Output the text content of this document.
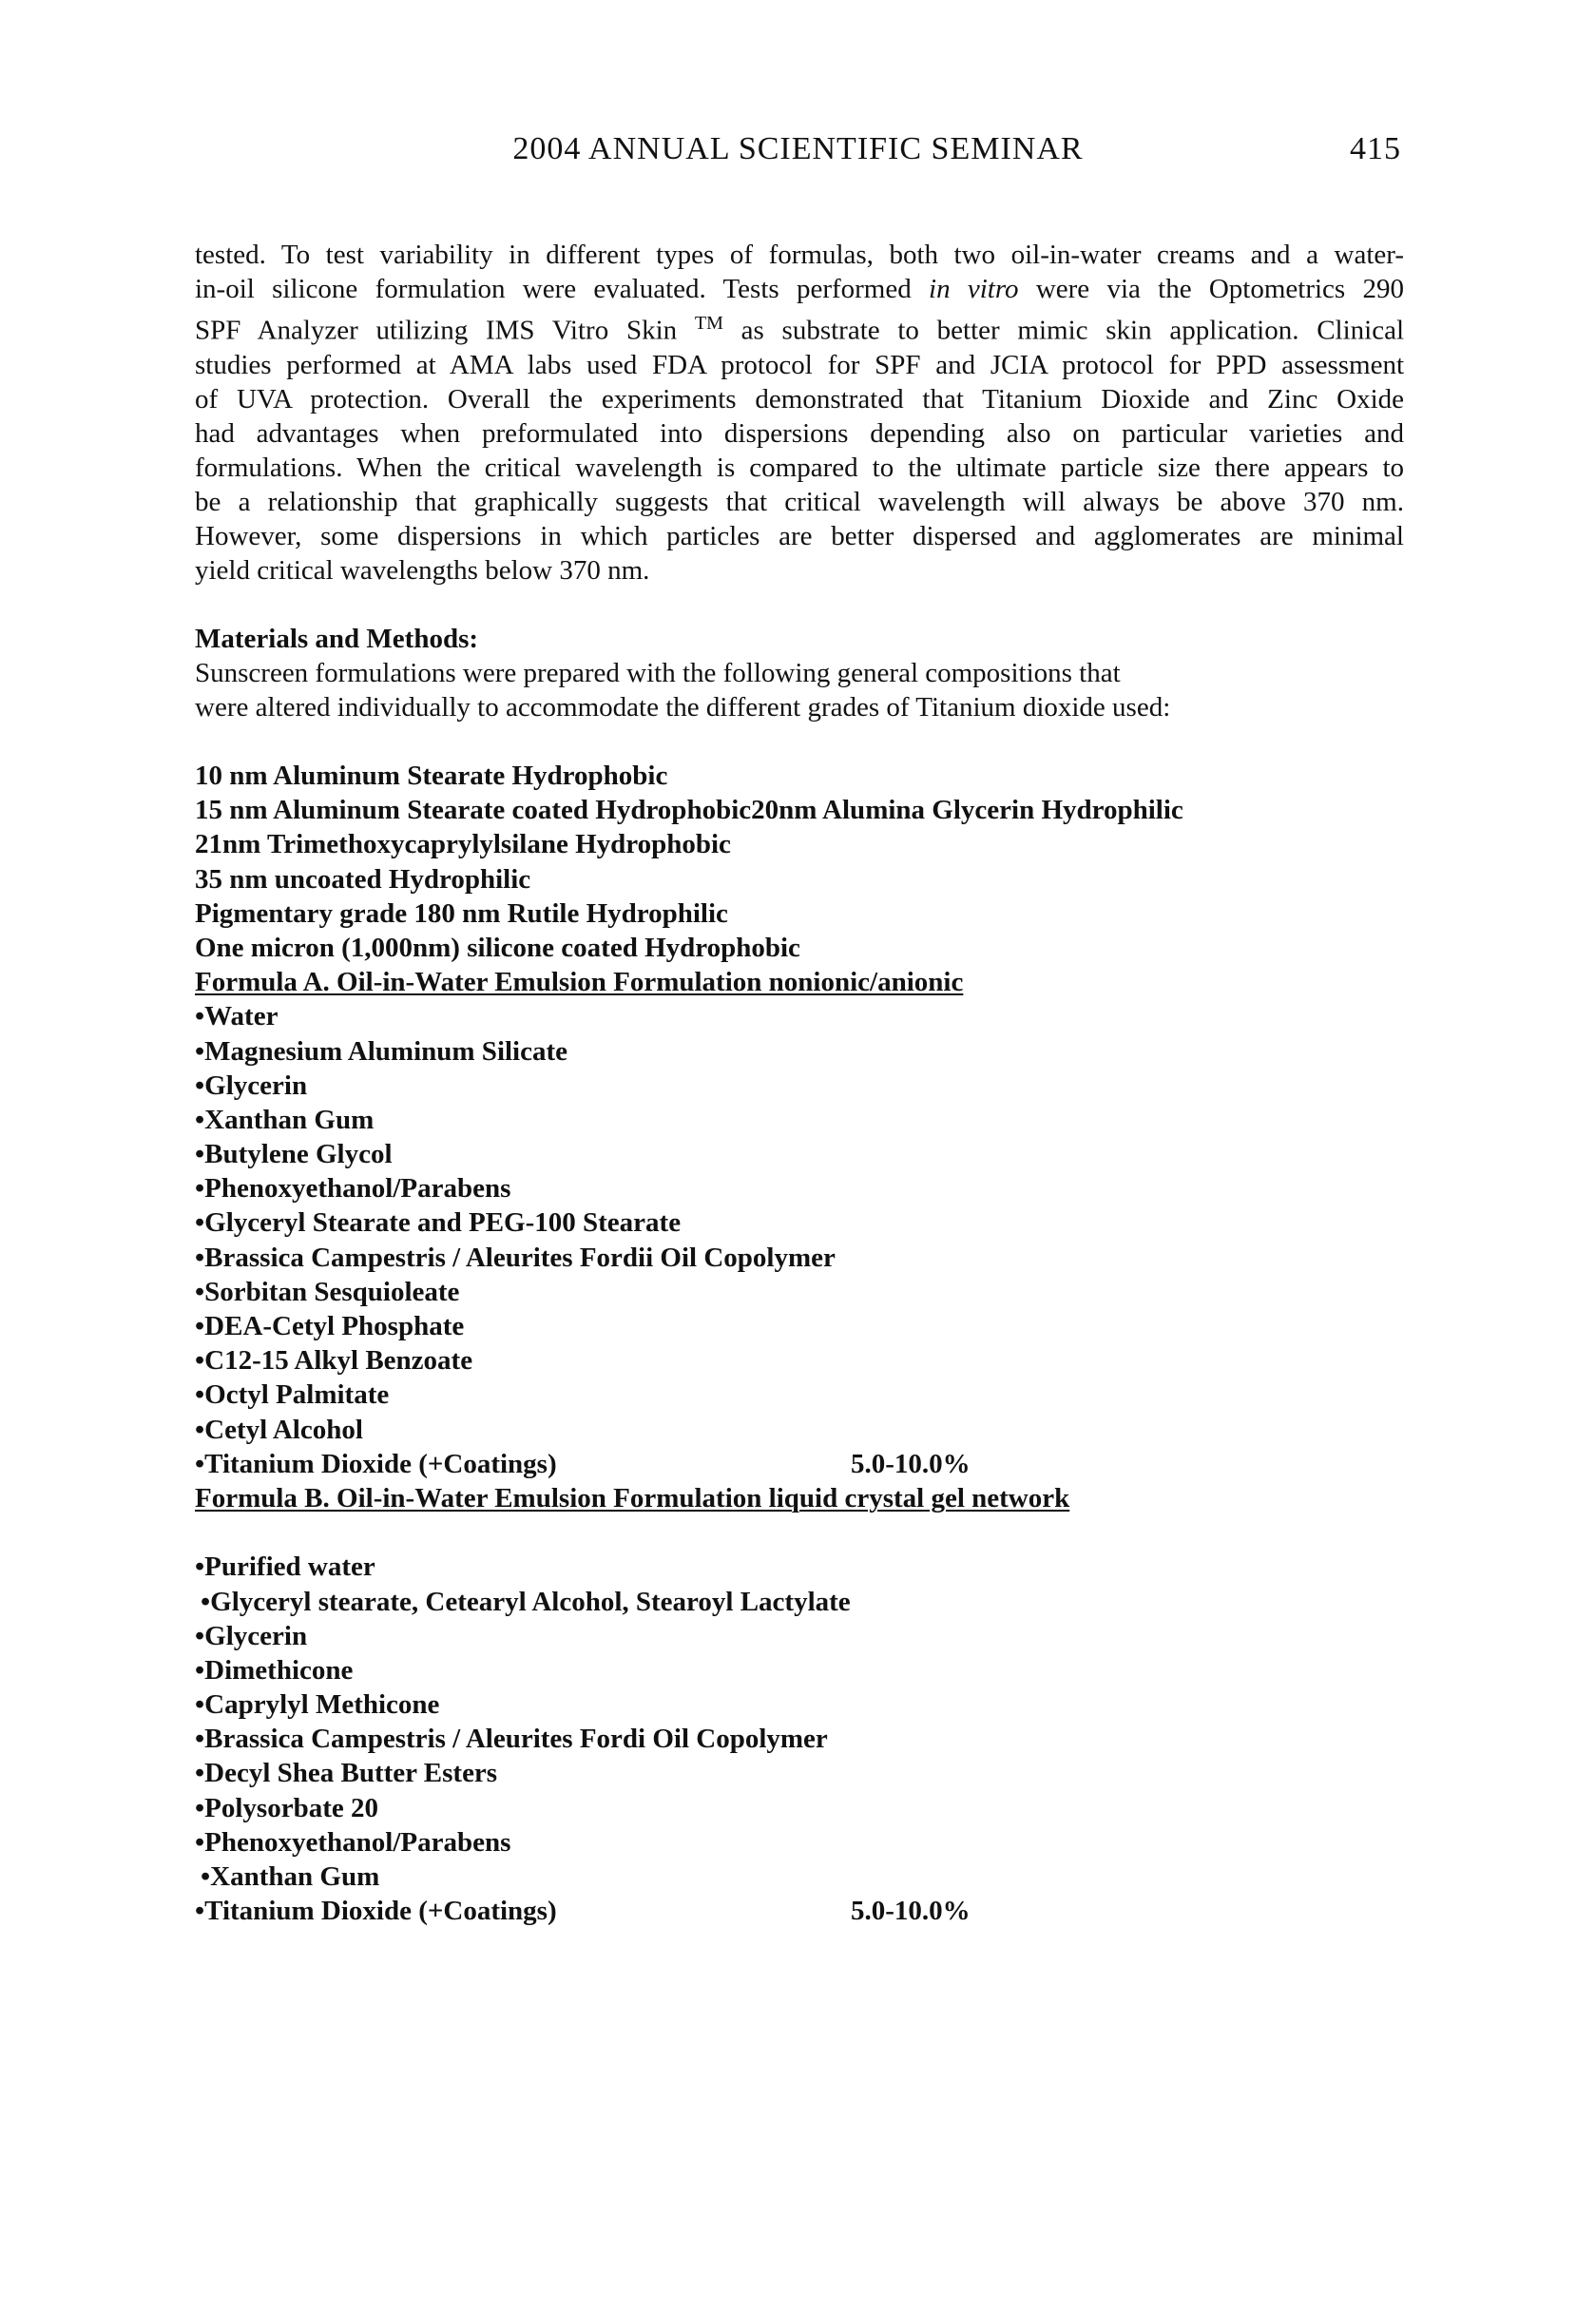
2004 ANNUAL SCIENTIFIC SEMINAR	415
tested. To test variability in different types of formulas, both two oil-in-water creams and a water-
in-oil silicone formulation were evaluated. Tests performed in vitro were via the Optometrics 290
SPF Analyzer utilizing IMS Vitro Skin ™ as substrate to better mimic skin application. Clinical
studies performed at AMA labs used FDA protocol for SPF and JCIA protocol for PPD assessment
of UVA protection. Overall the experiments demonstrated that Titanium Dioxide and Zinc Oxide
had advantages when preformulated into dispersions depending also on particular varieties and
formulations. When the critical wavelength is compared to the ultimate particle size there appears to
be a relationship that graphically suggests that critical wavelength will always be above 370 nm.
However, some dispersions in which particles are better dispersed and agglomerates are minimal
yield critical wavelengths below 370 nm.
Materials and Methods:
Sunscreen formulations were prepared with the following general compositions that
were altered individually to accommodate the different grades of Titanium dioxide used:
10 nm Aluminum Stearate Hydrophobic
15 nm Aluminum Stearate coated Hydrophobic20nm Alumina Glycerin Hydrophilic
21nm Trimethoxycaprylylsilane Hydrophobic
35 nm uncoated Hydrophilic
Pigmentary grade 180 nm Rutile Hydrophilic
One micron (1,000nm) silicone coated Hydrophobic
Formula A. Oil-in-Water Emulsion Formulation nonionic/anionic
•Water
•Magnesium Aluminum Silicate
•Glycerin
•Xanthan Gum
•Butylene Glycol
•Phenoxyethanol/Parabens
•Glyceryl Stearate and PEG-100 Stearate
•Brassica Campestris / Aleurites Fordii Oil Copolymer
•Sorbitan Sesquioleate
•DEA-Cetyl Phosphate
•C12-15 Alkyl Benzoate
•Octyl Palmitate
•Cetyl Alcohol
•Titanium Dioxide (+Coatings)	5.0-10.0%
Formula B. Oil-in-Water Emulsion Formulation liquid crystal gel network
•Purified water
•Glyceryl stearate, Cetearyl Alcohol, Stearoyl Lactylate
•Glycerin
•Dimethicone
•Caprylyl Methicone
•Brassica Campestris / Aleurites Fordi Oil Copolymer
•Decyl Shea Butter Esters
•Polysorbate 20
•Phenoxyethanol/Parabens
•Xanthan Gum
•Titanium Dioxide (+Coatings)	5.0-10.0%
